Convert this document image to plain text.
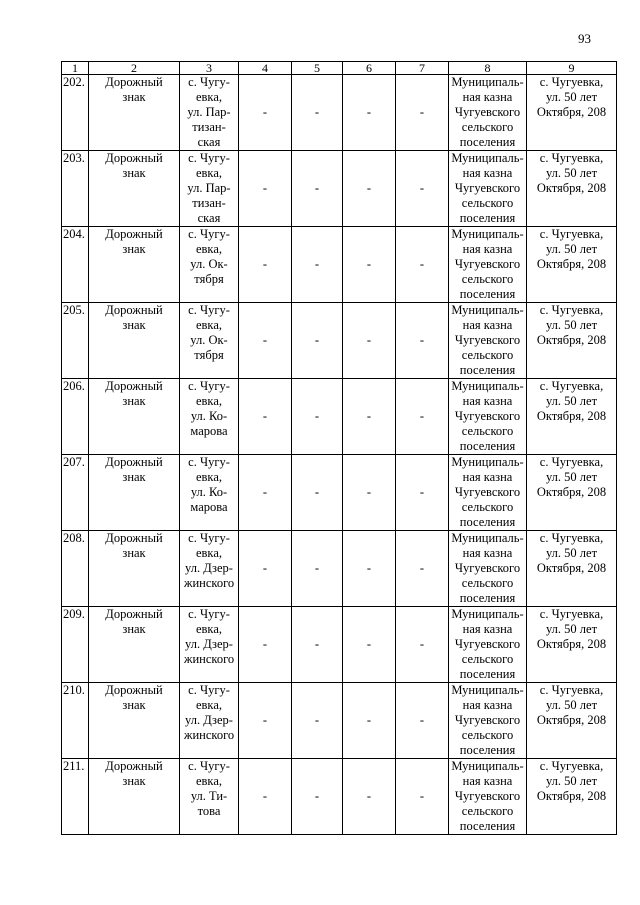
93
1	2	3	4	5	6	7	8	9
202.	Дорожный
знак	с. Чугу-
евка,
ул. Пар-
тизан-
ская	-	-	-	-	Муниципаль-
ная казна
Чугуевского
сельского
поселения	с. Чугуевка,
ул. 50 лет
Октября, 208

203.	Дорожный
знак	с. Чугу-
евка,
ул. Пар-
тизан-
ская	-	-	-	-	Муниципаль-
ная казна
Чугуевского
сельского
поселения	с. Чугуевка,
ул. 50 лет
Октября, 208

204.	Дорожный
знак	с. Чугу-
евка,
ул. Ок-
тября	-	-	-	-	Муниципаль-
ная казна
Чугуевского
сельского
поселения	с. Чугуевка,
ул. 50 лет
Октября, 208

205.	Дорожный
знак	с. Чугу-
евка,
ул. Ок-
тября	-	-	-	-	Муниципаль-
ная казна
Чугуевского
сельского
поселения	с. Чугуевка,
ул. 50 лет
Октября, 208

206.	Дорожный
знак	с. Чугу-
евка,
ул. Ко-
марова	-	-	-	-	Муниципаль-
ная казна
Чугуевского
сельского
поселения	с. Чугуевка,
ул. 50 лет
Октября, 208

207.	Дорожный
знак	с. Чугу-
евка,
ул. Ко-
марова	-	-	-	-	Муниципаль-
ная казна
Чугуевского
сельского
поселения	с. Чугуевка,
ул. 50 лет
Октября, 208

208.	Дорожный
знак	с. Чугу-
евка,
ул. Дзер-
жинского	-	-	-	-	Муниципаль-
ная казна
Чугуевского
сельского
поселения	с. Чугуевка,
ул. 50 лет
Октября, 208

209.	Дорожный
знак	с. Чугу-
евка,
ул. Дзер-
жинского	-	-	-	-	Муниципаль-
ная казна
Чугуевского
сельского
поселения	с. Чугуевка,
ул. 50 лет
Октября, 208

210.	Дорожный
знак	с. Чугу-
евка,
ул. Дзер-
жинского	-	-	-	-	Муниципаль-
ная казна
Чугуевского
сельского
поселения	с. Чугуевка,
ул. 50 лет
Октября, 208

211.	Дорожный
знак	с. Чугу-
евка,
ул. Ти-
това	-	-	-	-	Муниципаль-
ная казна
Чугуевского
сельского
поселения	с. Чугуевка,
ул. 50 лет
Октября, 208
